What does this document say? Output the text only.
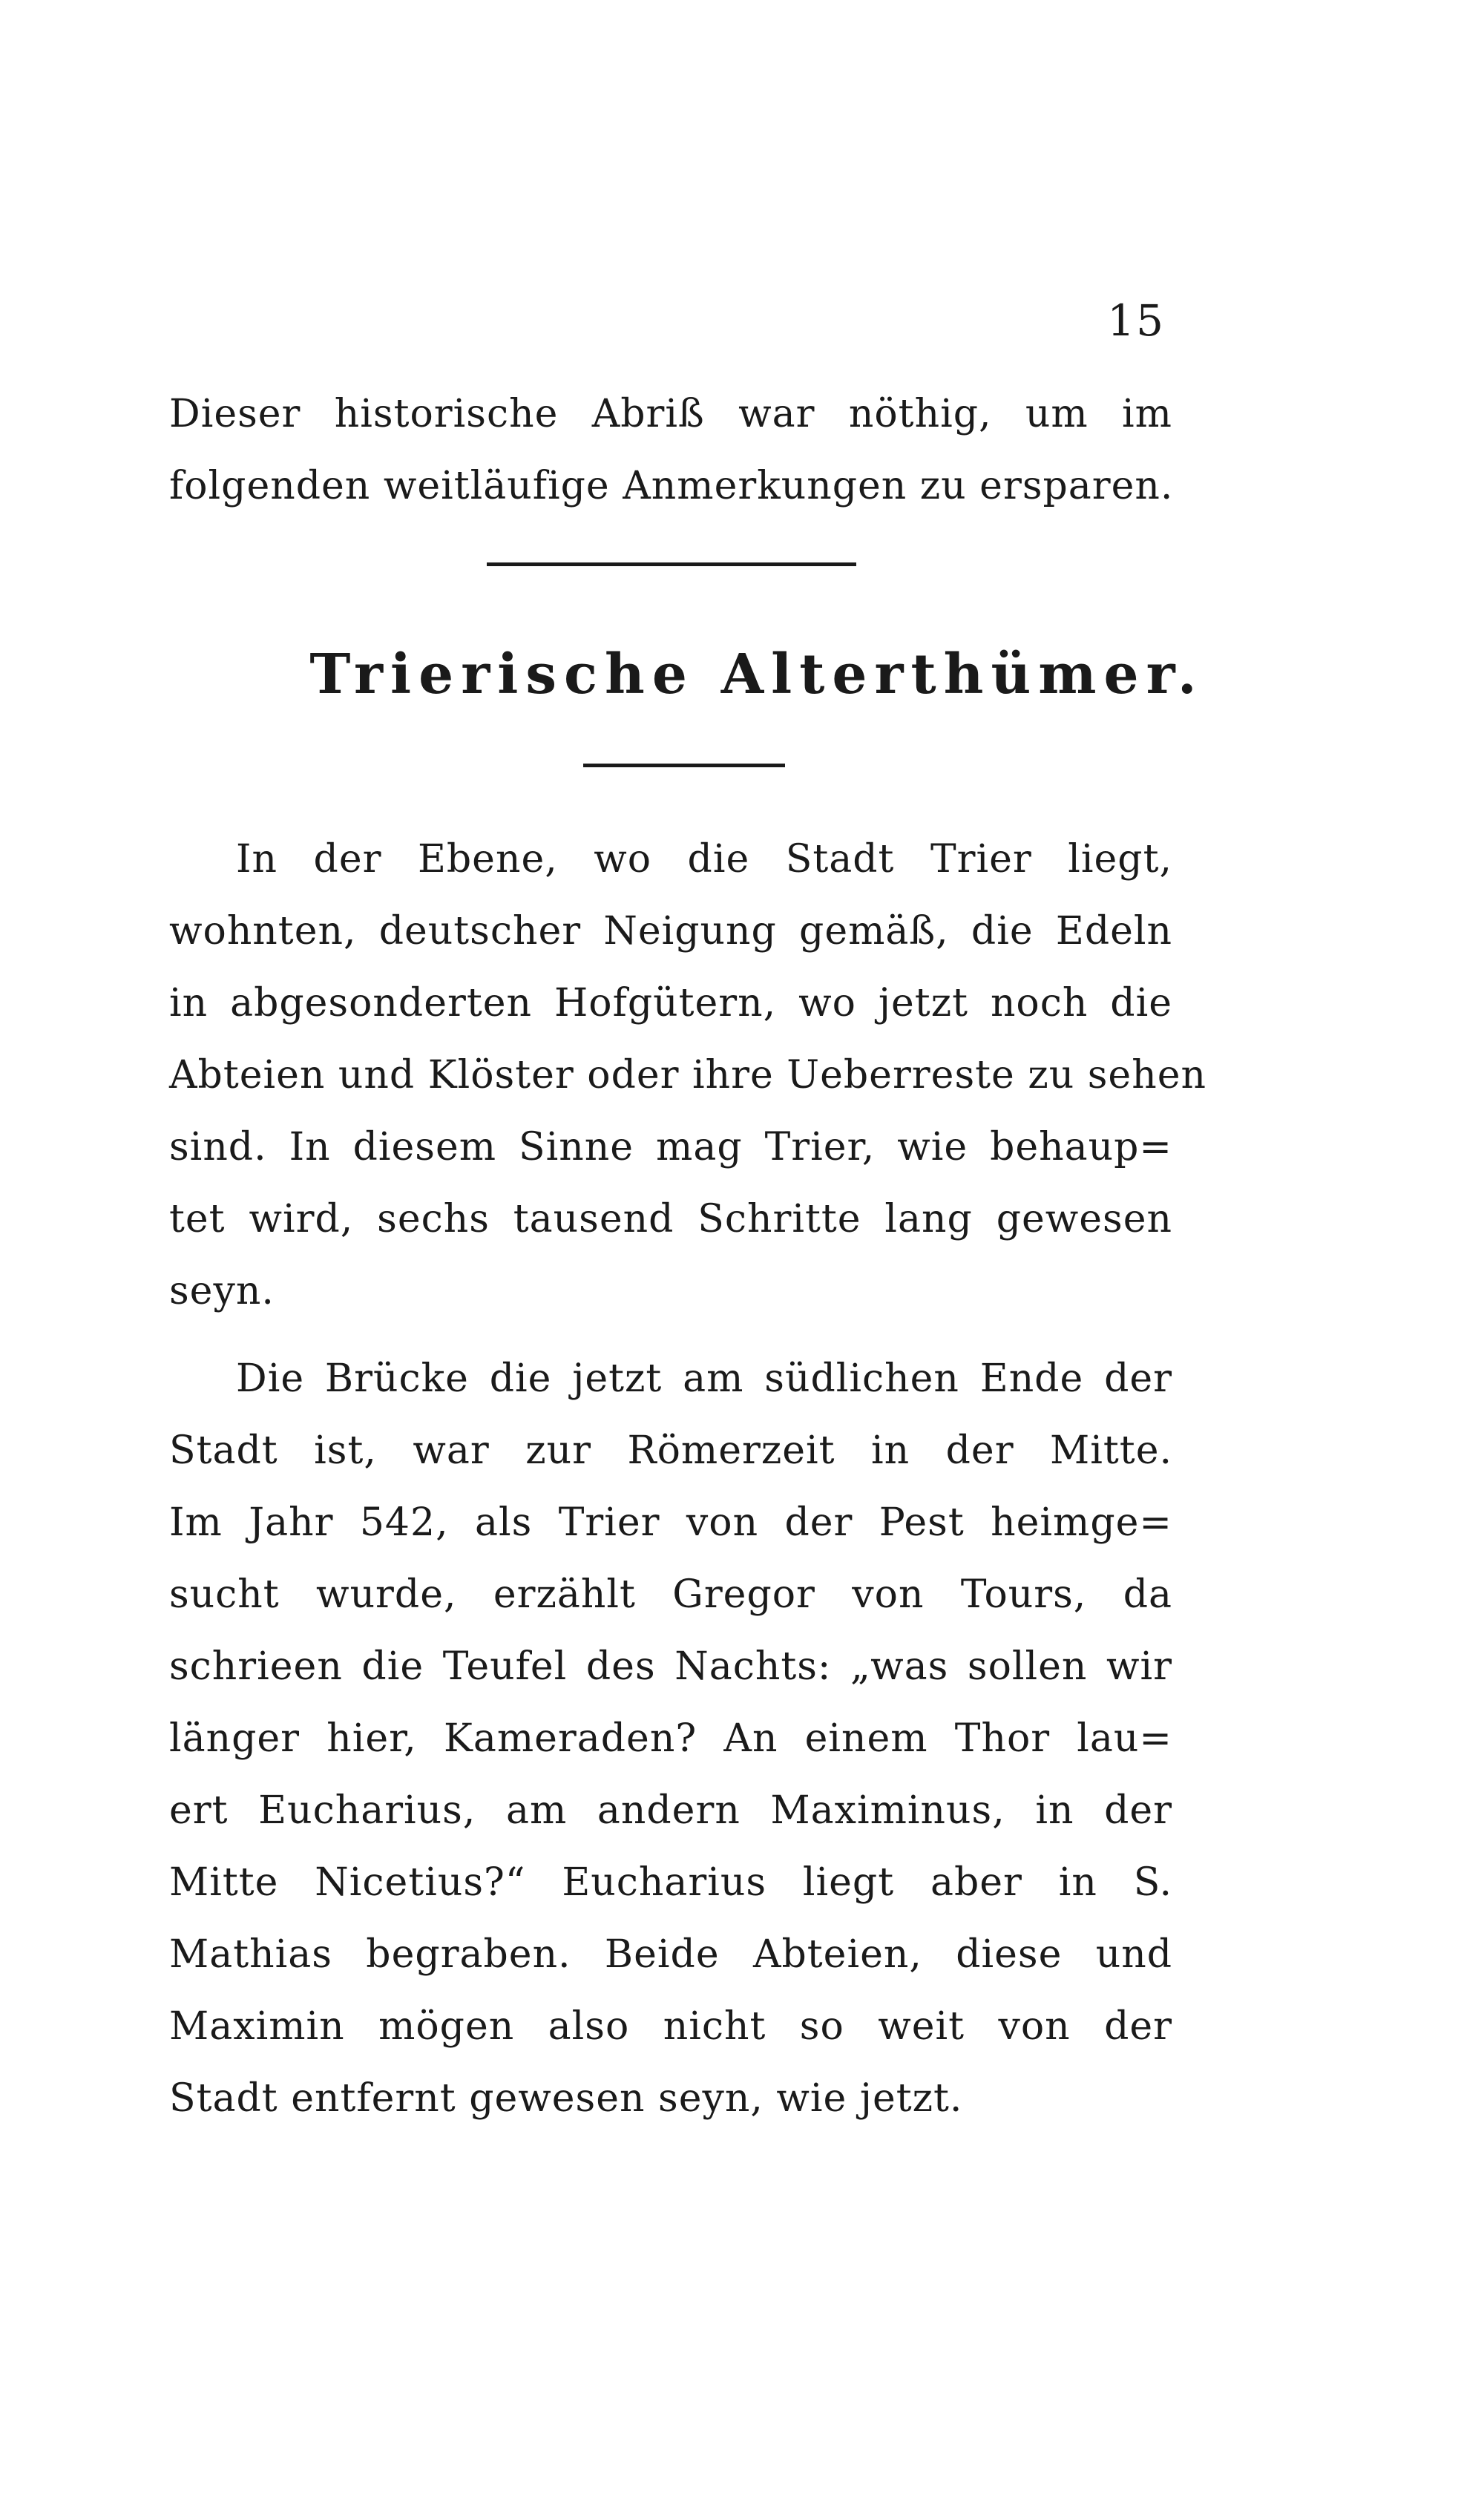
15
Dieser historische Abriß war nöthig, um im
folgenden weitläufige Anmerkungen zu ersparen.
Trierische Alterthümer.
In der Ebene, wo die Stadt Trier liegt,
wohnten, deutscher Neigung gemäß, die Edeln
in abgesonderten Hofgütern, wo jetzt noch die
Abteien und Klöster oder ihre Ueberreste zu sehen
sind. In diesem Sinne mag Trier, wie behaup=
tet wird, sechs tausend Schritte lang gewesen
seyn.
Die Brücke die jetzt am südlichen Ende der
Stadt ist, war zur Römerzeit in der Mitte.
Im Jahr 542, als Trier von der Pest heimge=
sucht wurde, erzählt Gregor von Tours, da
schrieen die Teufel des Nachts: „was sollen wir
länger hier, Kameraden? An einem Thor lau=
ert Eucharius, am andern Maximinus, in der
Mitte Nicetius?“ Eucharius liegt aber in S.
Mathias begraben. Beide Abteien, diese und
Maximin mögen also nicht so weit von der
Stadt entfernt gewesen seyn, wie jetzt.
